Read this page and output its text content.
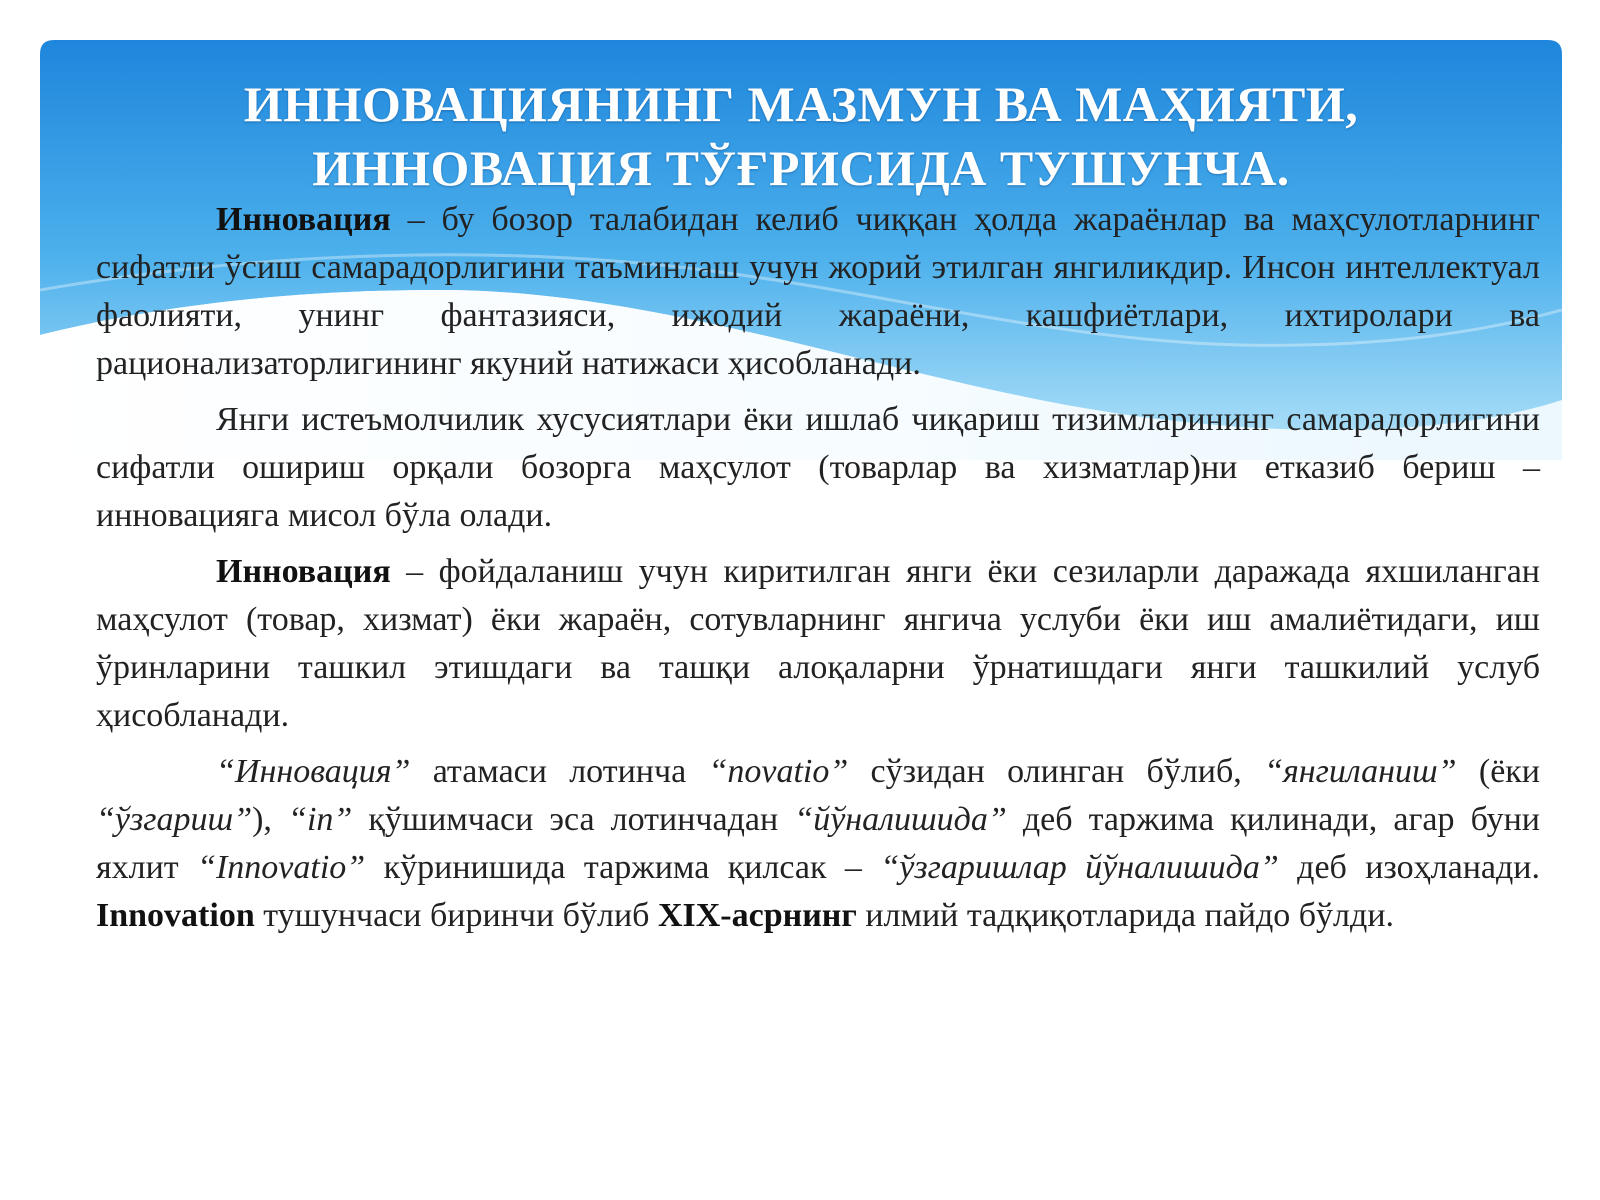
ИННОВАЦИЯНИНГ МАЗМУН ВА МАҲИЯТИ,
ИННОВАЦИЯ ТЎҒРИСИДА ТУШУНЧА.

Инновация – бу бозор талабидан келиб чиққан ҳолда жараёнлар ва маҳсулотларнинг сифатли ўсиш самарадорлигини таъминлаш учун жорий этилган янгиликдир. Инсон интеллектуал фаолияти, унинг фантазияси, ижодий жараёни, кашфиётлари, ихтиролари ва рационализаторлигининг якуний натижаси ҳисобланади.

Янги истеъмолчилик хусусиятлари ёки ишлаб чиқариш тизимларининг самарадорлигини сифатли ошириш орқали бозорга маҳсулот (товарлар ва хизматлар)ни етказиб бериш – инновацияга мисол бўла олади.

Инновация – фойдаланиш учун киритилган янги ёки сезиларли даражада яхшиланган маҳсулот (товар, хизмат) ёки жараён, сотувларнинг янгича услуби ёки иш амалиётидаги, иш ўринларини ташкил этишдаги ва ташқи алоқаларни ўрнатишдаги янги ташкилий услуб ҳисобланади.

“Инновация” атамаси лотинча “novatio” сўзидан олинган бўлиб, “янгиланиш” (ёки “ўзгариш”), “in” қўшимчаси эса лотинчадан “йўналишида” деб таржима қилинади, агар буни яхлит “Innovatio” кўринишида таржима қилсак – “ўзгаришлар йўналишида” деб изоҳланади. Innovation тушунчаси биринчи бўлиб XIX-асрнинг илмий тадқиқотларида пайдо бўлди.
